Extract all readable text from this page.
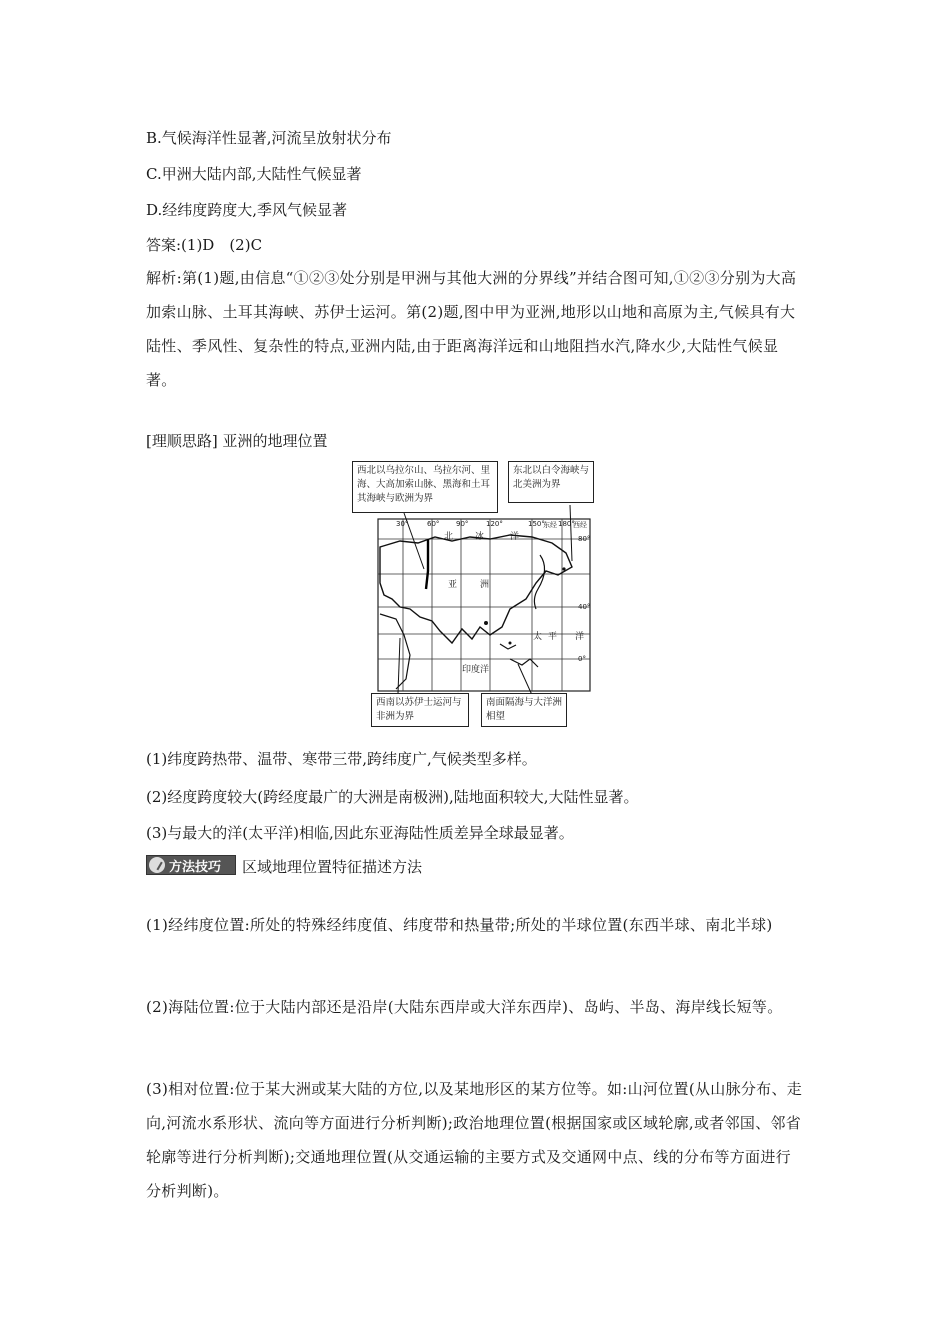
B.气候海洋性显著,河流呈放射状分布
C.甲洲大陆内部,大陆性气候显著
D.经纬度跨度大,季风气候显著
答案:(1)D　(2)C
解析:第(1)题,由信息“①②③处分别是甲洲与其他大洲的分界线”并结合图可知,①②③分别为大高加索山脉、土耳其海峡、苏伊士运河。第(2)题,图中甲为亚洲,地形以山地和高原为主,气候具有大陆性、季风性、复杂性的特点,亚洲内陆,由于距离海洋远和山地阻挡水汽,降水少,大陆性气候显著。
[理顺思路] 亚洲的地理位置
西北以乌拉尔山、乌拉尔河、里海、大高加索山脉、黑海和土耳其海峡与欧洲为界
东北以白令海峡与北美洲为界
30°	60° 90°	120°	150°
东经 180°
西经
80°
40°
0°
北 冰	洋
亚	洲
太 平 洋
印度洋
西南以苏伊士运河与非洲为界
南面隔海与大洋洲相望
(1)纬度跨热带、温带、寒带三带,跨纬度广,气候类型多样。
(2)经度跨度较大(跨经度最广的大洲是南极洲),陆地面积较大,大陆性显著。
(3)与最大的洋(太平洋)相临,因此东亚海陆性质差异全球最显著。
方法技巧 区域地理位置特征描述方法
(1)经纬度位置:所处的特殊经纬度值、纬度带和热量带;所处的半球位置(东西半球、南北半球)
(2)海陆位置:位于大陆内部还是沿岸(大陆东西岸或大洋东西岸)、岛屿、半岛、海岸线长短等。
(3)相对位置:位于某大洲或某大陆的方位,以及某地形区的某方位等。如:山河位置(从山脉分布、走向,河流水系形状、流向等方面进行分析判断);政治地理位置(根据国家或区域轮廓,或者邻国、邻省轮廓等进行分析判断);交通地理位置(从交通运输的主要方式及交通网中点、线的分布等方面进行分析判断)。
